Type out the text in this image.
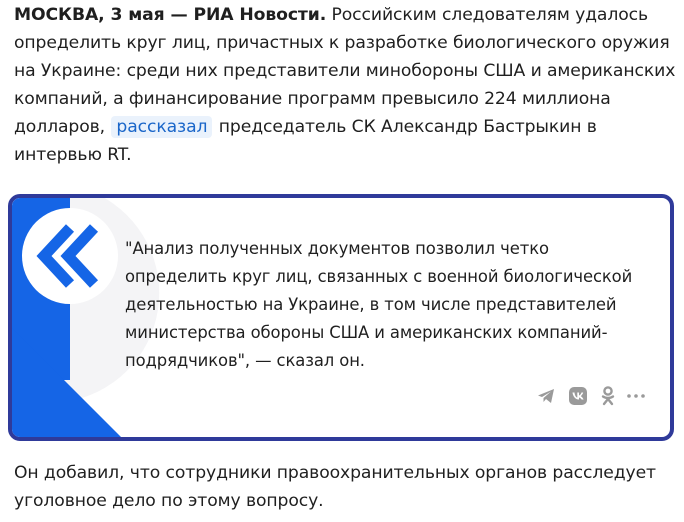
МОСКВА, 3 мая — РИА Новости. Российским следователям удалось определить круг лиц, причастных к разработке биологического оружия на Украине: среди них представители минобороны США и американских компаний, а финансирование программ превысило 224 миллиона долларов, рассказал председатель СК Александр Бастрыкин в интервью RT.

"Анализ полученных документов позволил четко определить круг лиц, связанных с военной биологической деятельностью на Украине, в том числе представителей министерства обороны США и американских компаний-подрядчиков", — сказал он.

Он добавил, что сотрудники правоохранительных органов расследует уголовное дело по этому вопросу.
